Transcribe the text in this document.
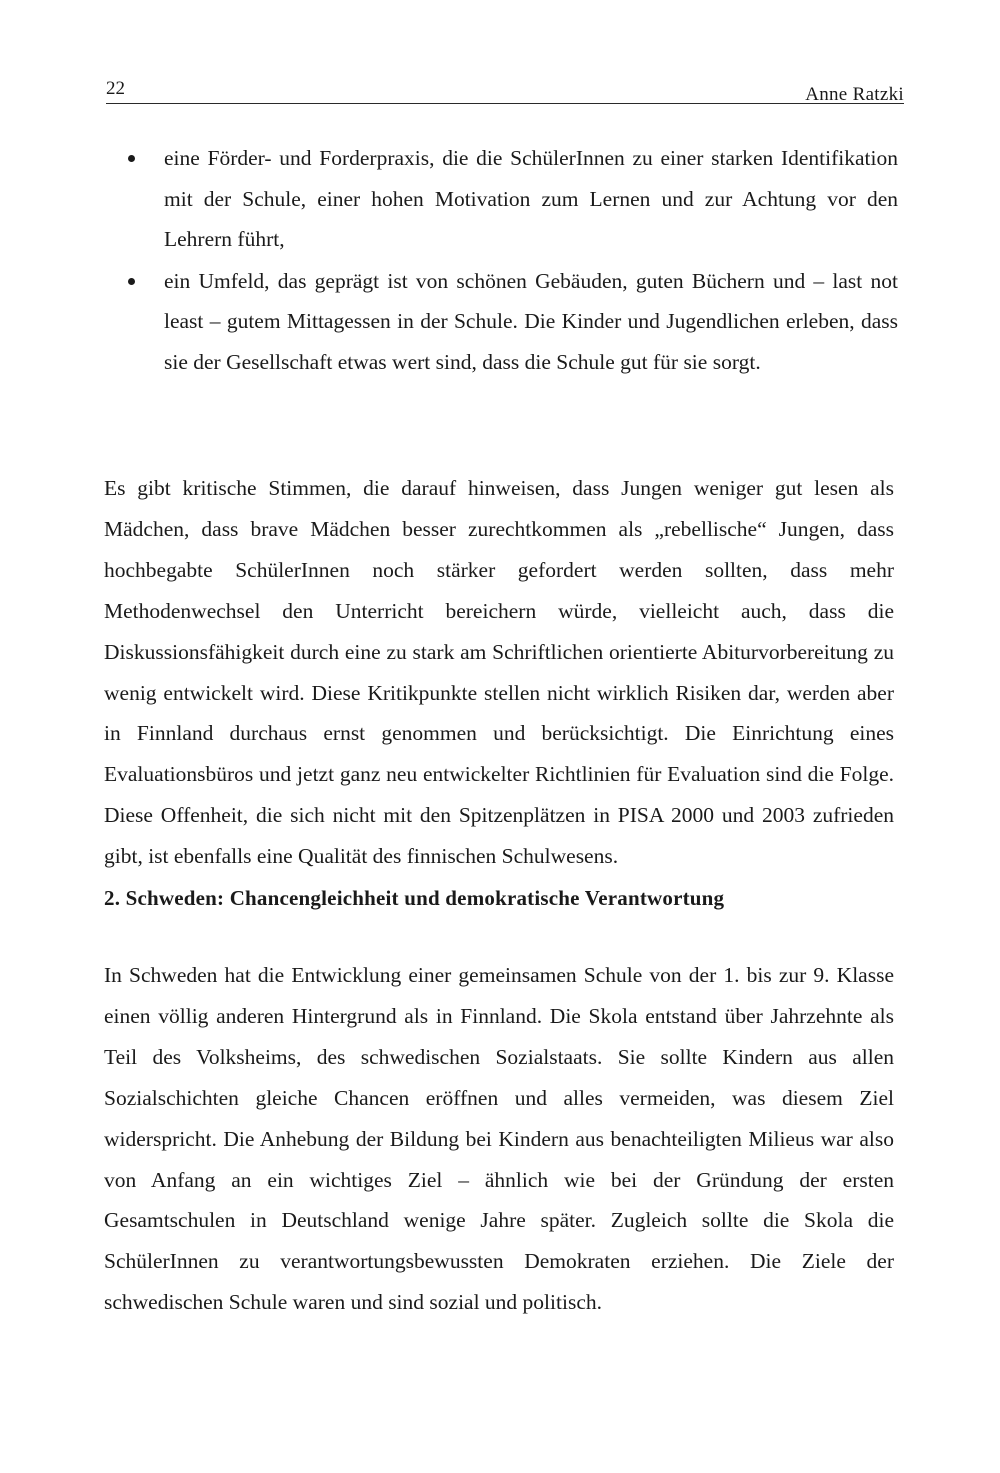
22	Anne Ratzki
eine Förder- und Forderpraxis, die die SchülerInnen zu einer starken Identifikation mit der Schule, einer hohen Motivation zum Lernen und zur Achtung vor den Lehrern führt,
ein Umfeld, das geprägt ist von schönen Gebäuden, guten Büchern und – last not least – gutem Mittagessen in der Schule. Die Kinder und Jugendlichen erleben, dass sie der Gesellschaft etwas wert sind, dass die Schule gut für sie sorgt.

Es gibt kritische Stimmen, die darauf hinweisen, dass Jungen weniger gut lesen als Mädchen, dass brave Mädchen besser zurechtkommen als „rebellische“ Jungen, dass hochbegabte SchülerInnen noch stärker gefordert werden sollten, dass mehr Methodenwechsel den Unterricht bereichern würde, vielleicht auch, dass die Diskussionsfähigkeit durch eine zu stark am Schriftlichen orientierte Abiturvorbereitung zu wenig entwickelt wird. Diese Kritikpunkte stellen nicht wirklich Risiken dar, werden aber in Finnland durchaus ernst genommen und berücksichtigt. Die Einrichtung eines Evaluationsbüros und jetzt ganz neu entwickelter Richtlinien für Evaluation sind die Folge. Diese Offenheit, die sich nicht mit den Spitzenplätzen in PISA 2000 und 2003 zufrieden gibt, ist ebenfalls eine Qualität des finnischen Schulwesens.

2. Schweden: Chancengleichheit und demokratische Verantwortung

In Schweden hat die Entwicklung einer gemeinsamen Schule von der 1. bis zur 9. Klasse einen völlig anderen Hintergrund als in Finnland. Die Skola entstand über Jahrzehnte als Teil des Volksheims, des schwedischen Sozialstaats. Sie sollte Kindern aus allen Sozialschichten gleiche Chancen eröffnen und alles vermeiden, was diesem Ziel widerspricht. Die Anhebung der Bildung bei Kindern aus benachteiligten Milieus war also von Anfang an ein wichtiges Ziel – ähnlich wie bei der Gründung der ersten Gesamtschulen in Deutschland wenige Jahre später. Zugleich sollte die Skola die SchülerInnen zu verantwortungsbewussten Demokraten erziehen. Die Ziele der schwedischen Schule waren und sind sozial und politisch.
